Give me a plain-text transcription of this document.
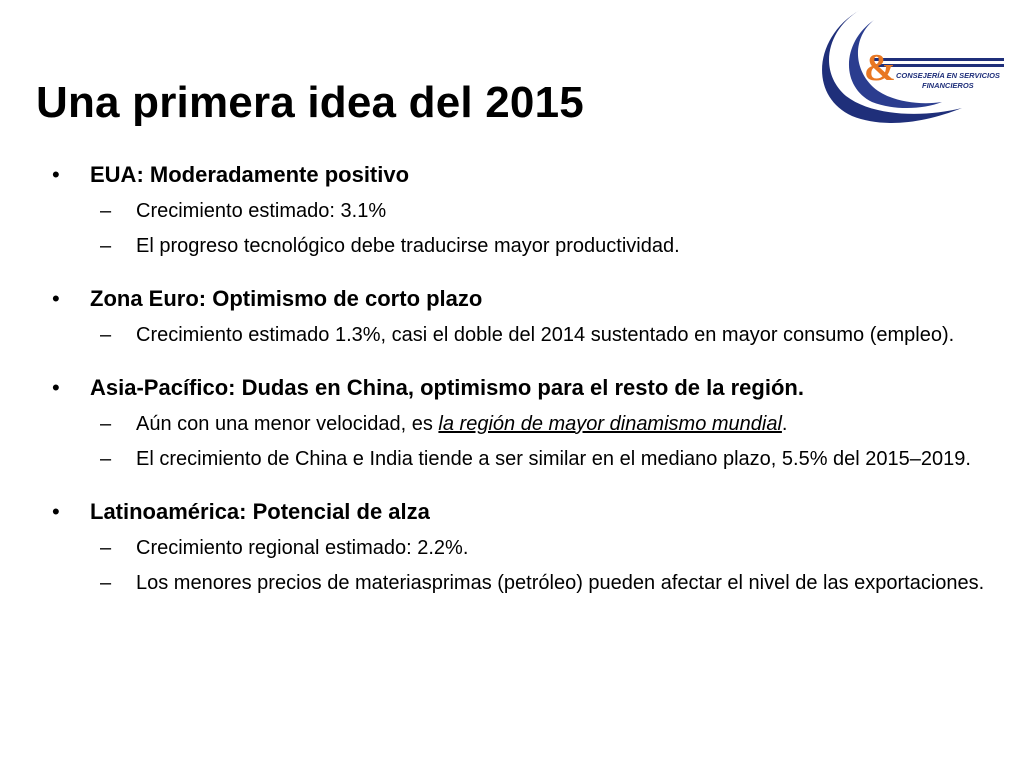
& CONSEJERÍA EN SERVICIOS
FINANCIEROS
Una primera idea del 2015
• EUA: Moderadamente positivo
– Crecimiento estimado: 3.1%
– El progreso tecnológico debe traducirse mayor productividad.
• Zona Euro: Optimismo de corto plazo
– Crecimiento estimado 1.3%, casi el doble del 2014 sustentado en mayor consumo (empleo).
• Asia-Pacífico: Dudas en China, optimismo para el resto de la región.
– Aún con una menor velocidad, es la región de mayor dinamismo mundial.
– El crecimiento de China e India tiende a ser similar en el mediano plazo, 5.5% del 2015–2019.
• Latinoamérica: Potencial de alza
– Crecimiento regional estimado: 2.2%.
– Los menores precios de materiasprimas (petróleo) pueden afectar el nivel de las exportaciones.
